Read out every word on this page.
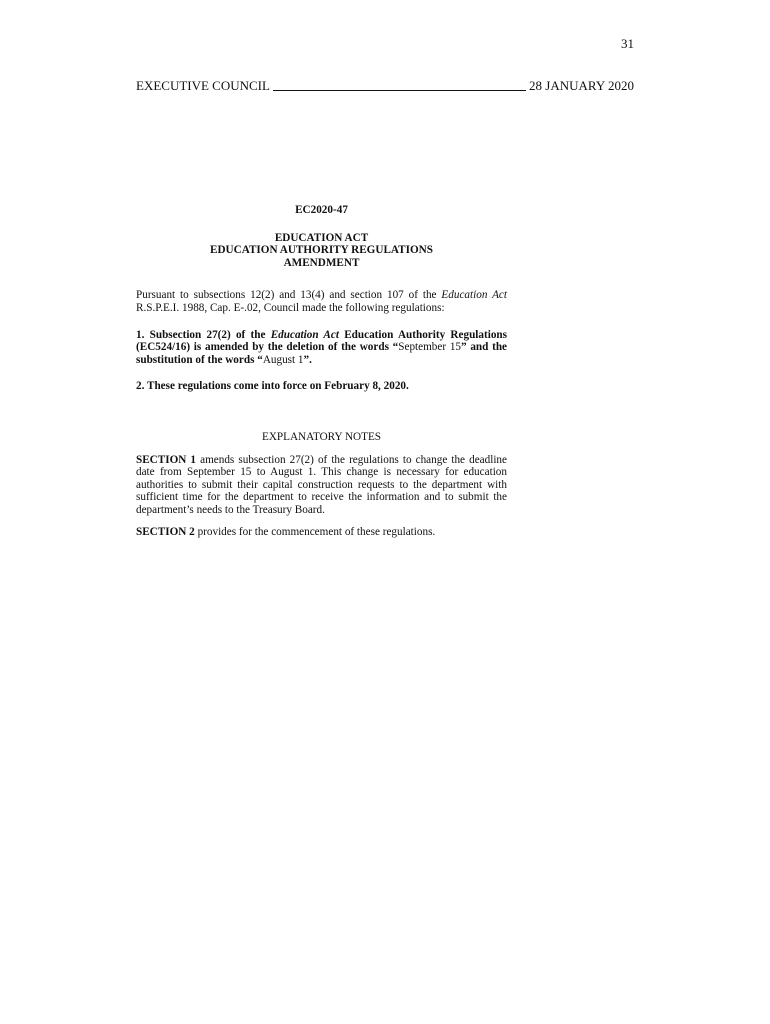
31
EXECUTIVE COUNCIL	28 JANUARY 2020
EC2020-47
EDUCATION ACT
EDUCATION AUTHORITY REGULATIONS
AMENDMENT

Pursuant to subsections 12(2) and 13(4) and section 107 of the Education Act R.S.P.E.I. 1988, Cap. E-.02, Council made the following regulations:

1. Subsection 27(2) of the Education Act Education Authority Regulations (EC524/16) is amended by the deletion of the words “September 15” and the substitution of the words “August 1”.

2. These regulations come into force on February 8, 2020.

EXPLANATORY NOTES

SECTION 1 amends subsection 27(2) of the regulations to change the deadline date from September 15 to August 1. This change is necessary for education authorities to submit their capital construction requests to the department with sufficient time for the department to receive the information and to submit the department’s needs to the Treasury Board.

SECTION 2 provides for the commencement of these regulations.
